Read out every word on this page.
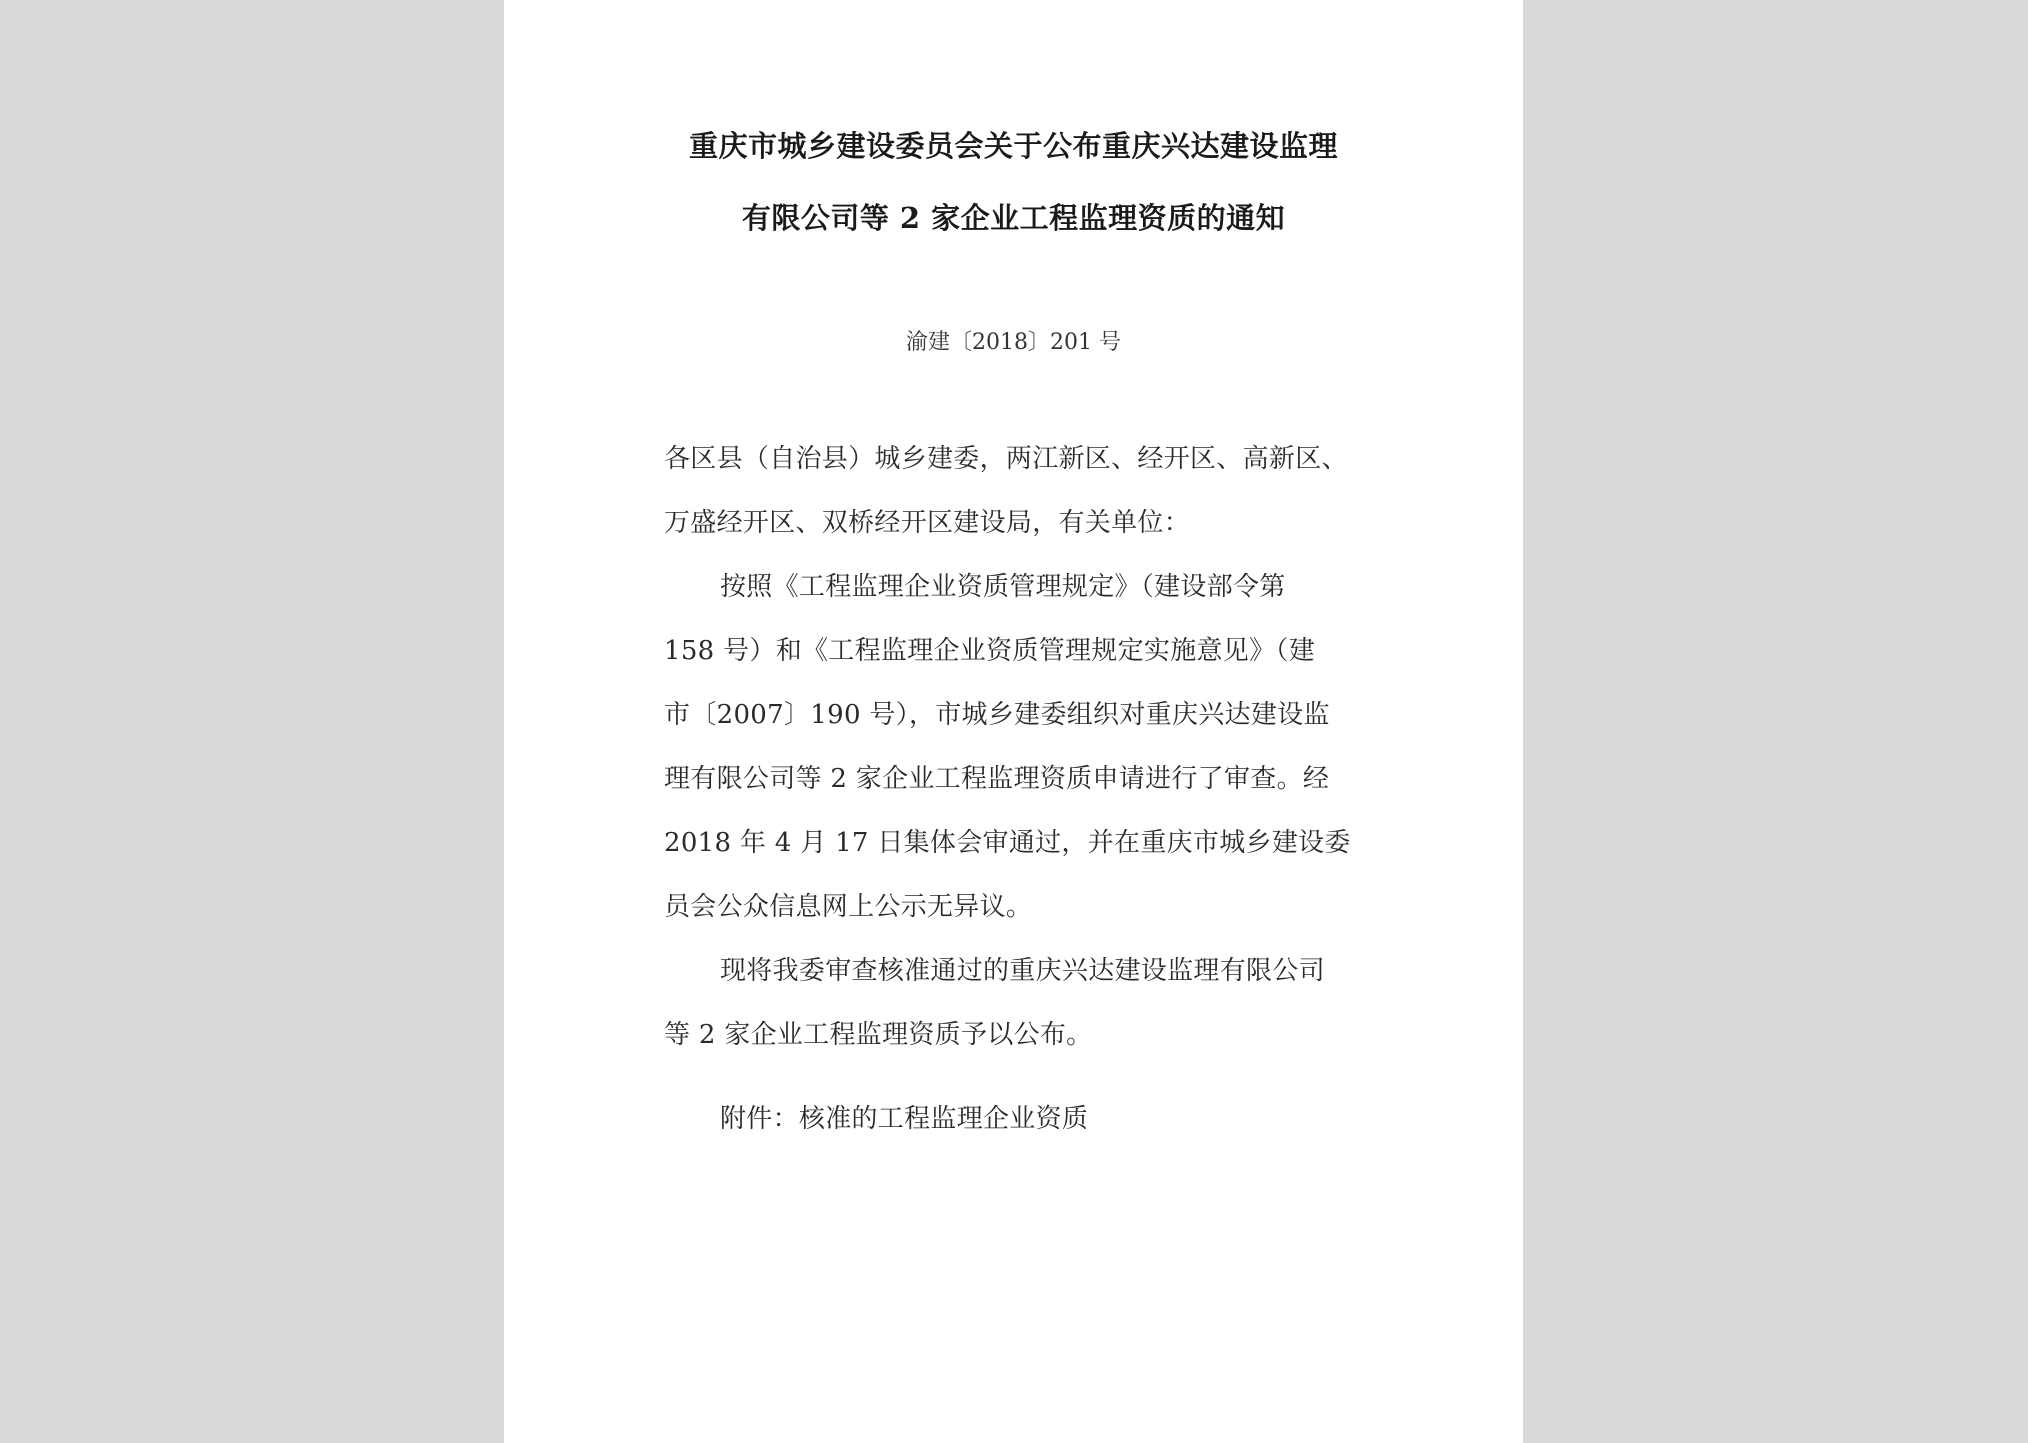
重庆市城乡建设委员会关于公布重庆兴达建设监理
有限公司等 2 家企业工程监理资质的通知
渝建〔2018〕201 号
各区县（自治县）城乡建委，两江新区、经开区、高新区、
万盛经开区、双桥经开区建设局，有关单位：
按照《工程监理企业资质管理规定》（建设部令第
158 号）和《工程监理企业资质管理规定实施意见》（建
市〔2007〕190 号），市城乡建委组织对重庆兴达建设监
理有限公司等 2 家企业工程监理资质申请进行了审查。经
2018 年 4 月 17 日集体会审通过，并在重庆市城乡建设委
员会公众信息网上公示无异议。
现将我委审查核准通过的重庆兴达建设监理有限公司
等 2 家企业工程监理资质予以公布。
附件：核准的工程监理企业资质
